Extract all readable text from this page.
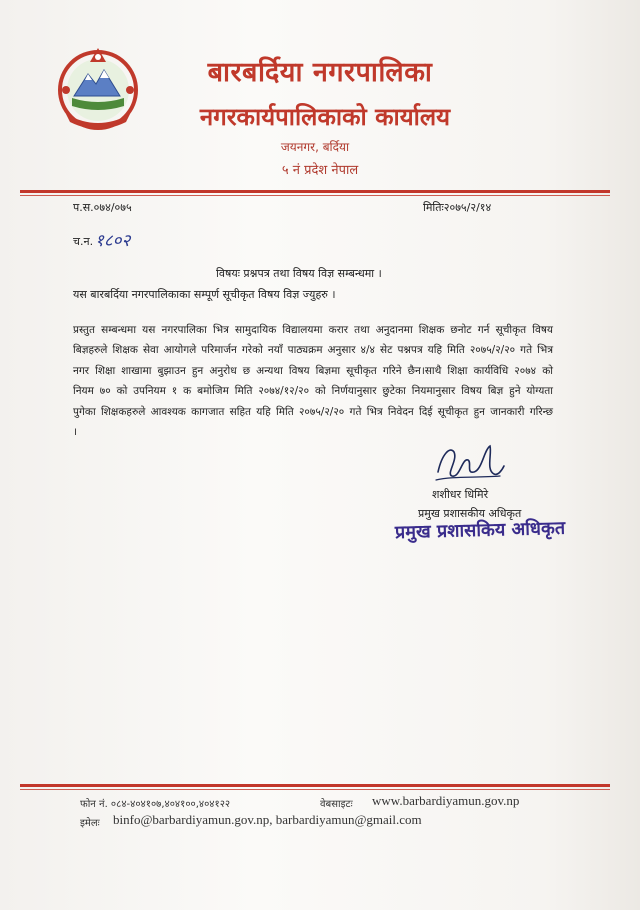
बारबर्दिया नगरपालिका
नगरकार्यपालिकाको कार्यालय
जयनगर, बर्दिया
५ नं प्रदेश नेपाल
प.स.०७४/०७५	मितिः२०७५/२/१४
च.न. १८०२
विषयः प्रश्नपत्र तथा विषय विज्ञ सम्बन्धमा ।
यस बारबर्दिया नगरपालिकाका सम्पूर्ण सूचीकृत विषय विज्ञ ज्युहरु ।
प्रस्तुत सम्बन्धमा यस नगरपालिका भित्र सामुदायिक विद्यालयमा करार तथा अनुदानमा शिक्षक छनोट गर्न सूचीकृत विषय बिज्ञहरुले शिक्षक सेवा आयोगले परिमार्जन गरेको नयाँ पाठ्यक्रम अनुसार ४/४ सेट पश्नपत्र यहि मिति २०७५/२/२० गते भित्र नगर शिक्षा शाखामा बुझाउन हुन अनुरोध छ अन्यथा विषय बिज्ञमा सूचीकृत गरिने छैन।साथै शिक्षा कार्यविधि २०७४ को नियम ७० को उपनियम १ क बमोजिम मिति २०७४/१२/२० को निर्णयानुसार छुटेका नियमानुसार विषय बिज्ञ हुने योग्यता पुगेका शिक्षकहरुले आवश्यक कागजात सहित यहि मिति २०७५/२/२० गते भित्र निवेदन दिई सूचीकृत हुन जानकारी गरिन्छ ।
शशीधर धिमिरे
प्रमुख प्रशासकीय अधिकृत
प्रमुख प्रशासकिय अधिकृत
फोन नं. ०८४-४०४१०७,४०४१००,४०४१२२	वेबसाइटः www.barbardiyamun.gov.np
इमेलः binfo@barbardiyamun.gov.np, barbardiyamun@gmail.com
